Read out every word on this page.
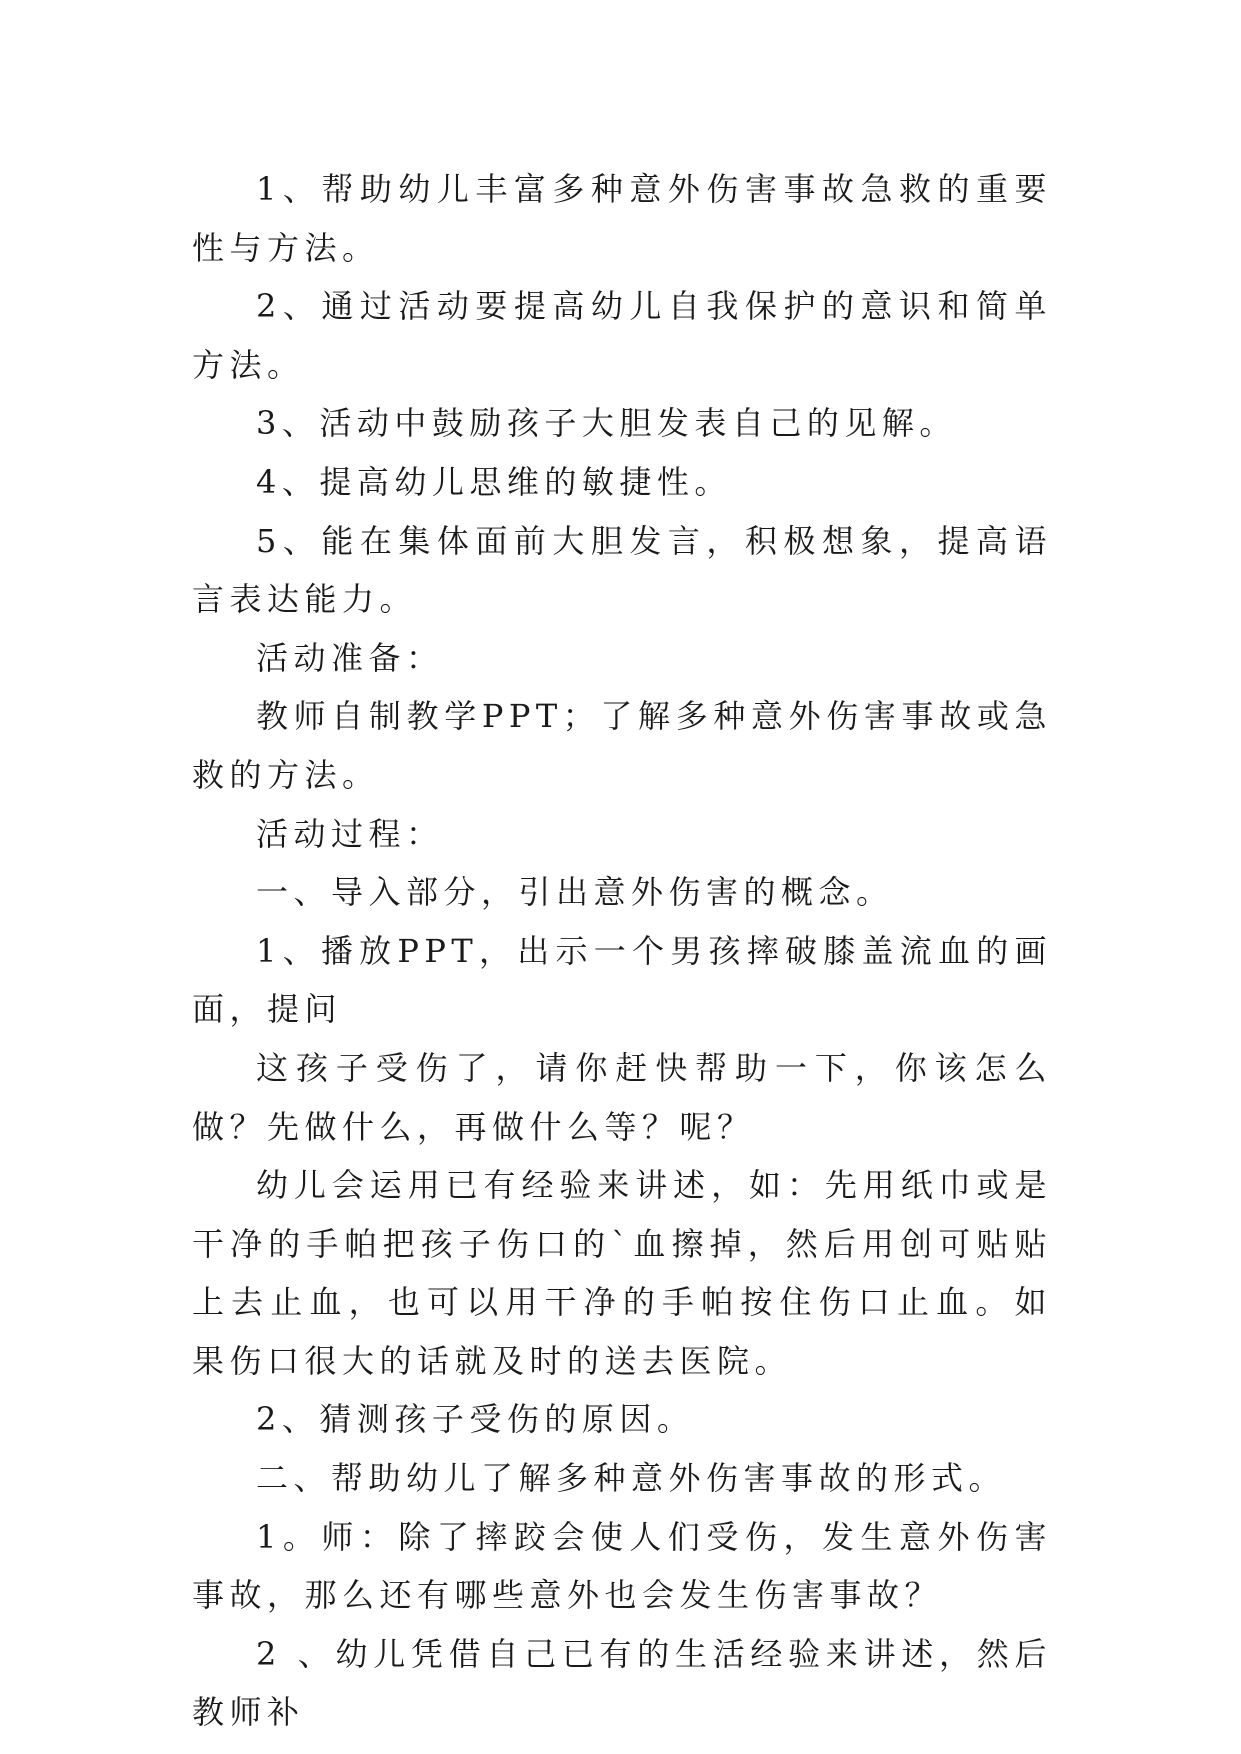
1、帮助幼儿丰富多种意外伤害事故急救的重要性与方法。

2、通过活动要提高幼儿自我保护的意识和简单方法。

3、活动中鼓励孩子大胆发表自己的见解。

4、提高幼儿思维的敏捷性。

5、能在集体面前大胆发言，积极想象，提高语言表达能力。

活动准备：

教师自制教学PPT；了解多种意外伤害事故或急救的方法。

活动过程：

一、导入部分，引出意外伤害的概念。

1、播放PPT，出示一个男孩摔破膝盖流血的画面，提问

这孩子受伤了，请你赶快帮助一下，你该怎么做？先做什么，再做什么等？呢？

幼儿会运用已有经验来讲述，如：先用纸巾或是干净的手帕把孩子伤口的`血擦掉，然后用创可贴贴上去止血，也可以用干净的手帕按住伤口止血。如果伤口很大的话就及时的送去医院。

2、猜测孩子受伤的原因。

二、帮助幼儿了解多种意外伤害事故的形式。

1。师：除了摔跤会使人们受伤，发生意外伤害事故，那么还有哪些意外也会发生伤害事故？

2 、幼儿凭借自己已有的生活经验来讲述，然后教师补
